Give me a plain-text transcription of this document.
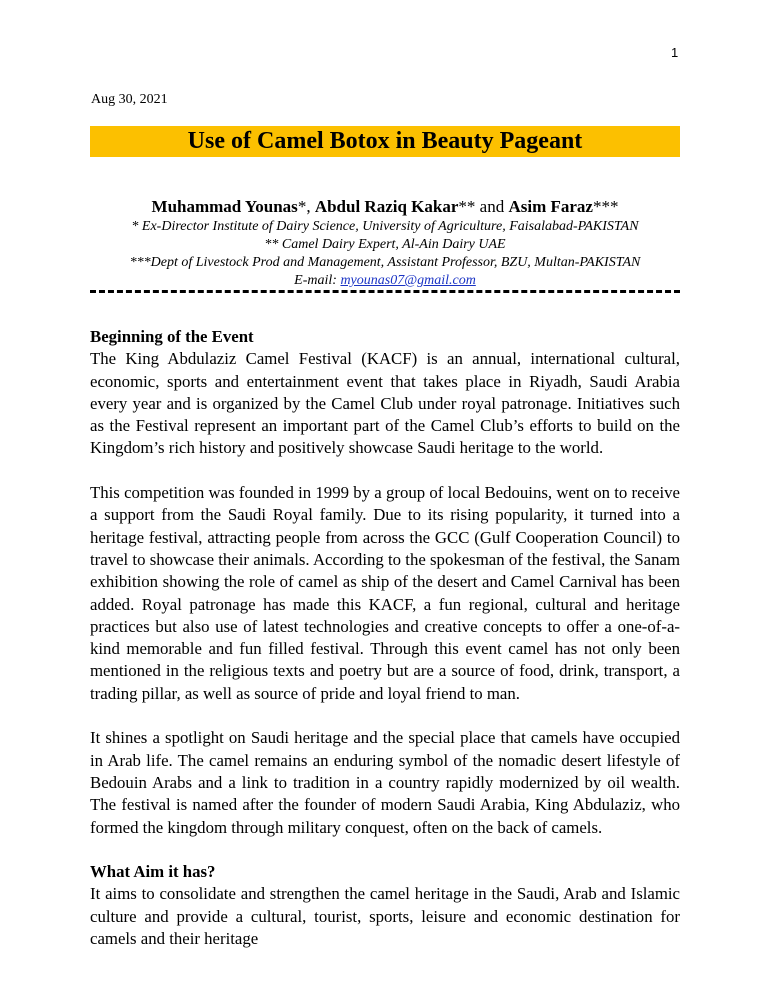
1
Aug 30, 2021
Use of Camel Botox in Beauty Pageant
Muhammad Younas*, Abdul Raziq Kakar** and Asim Faraz***
* Ex-Director Institute of Dairy Science, University of Agriculture, Faisalabad-PAKISTAN
** Camel Dairy Expert, Al-Ain Dairy UAE
***Dept of Livestock Prod and Management, Assistant Professor, BZU, Multan-PAKISTAN
E-mail: myounas07@gmail.com
Beginning of the Event

The King Abdulaziz Camel Festival (KACF) is an annual, international cultural, economic, sports and entertainment event that takes place in Riyadh, Saudi Arabia every year and is organized by the Camel Club under royal patronage. Initiatives such as the Festival represent an important part of the Camel Club’s efforts to build on the Kingdom’s rich history and positively showcase Saudi heritage to the world.

This competition was founded in 1999 by a group of local Bedouins, went on to receive a support from the Saudi Royal family. Due to its rising popularity, it turned into a heritage festival, attracting people from across the GCC (Gulf Cooperation Council) to travel to showcase their animals. According to the spokesman of the festival, the Sanam exhibition showing the role of camel as ship of the desert and Camel Carnival has been added. Royal patronage has made this KACF, a fun regional, cultural and heritage practices but also use of latest technologies and creative concepts to offer a one-of-a-kind memorable and fun filled festival. Through this event camel has not only been mentioned in the religious texts and poetry but are a source of food, drink, transport, a trading pillar, as well as source of pride and loyal friend to man.

It shines a spotlight on Saudi heritage and the special place that camels have occupied in Arab life. The camel remains an enduring symbol of the nomadic desert lifestyle of Bedouin Arabs and a link to tradition in a country rapidly modernized by oil wealth. The festival is named after the founder of modern Saudi Arabia, King Abdulaziz, who formed the kingdom through military conquest, often on the back of camels.

What Aim it has?

It aims to consolidate and strengthen the camel heritage in the Saudi, Arab and Islamic culture and provide a cultural, tourist, sports, leisure and economic destination for camels and their heritage
